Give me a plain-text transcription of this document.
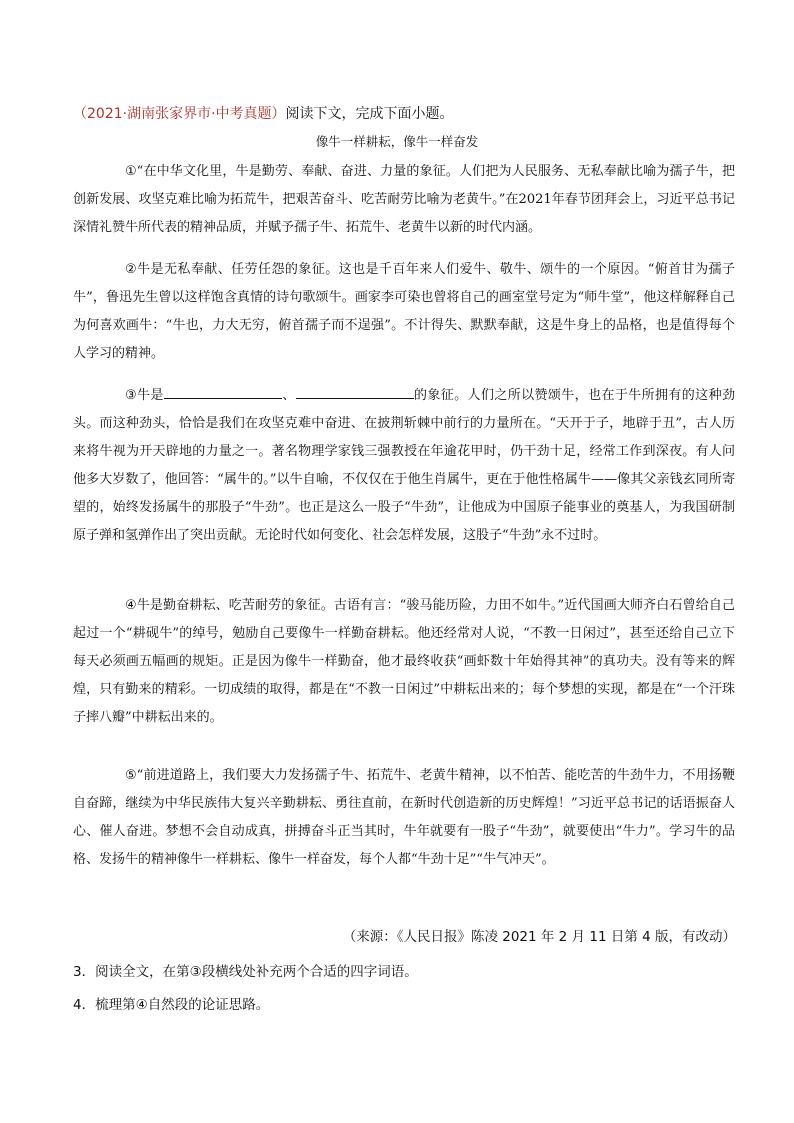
（2021·湖南张家界市·中考真题）阅读下文，完成下面小题。
像牛一样耕耘，像牛一样奋发

①“在中华文化里，牛是勤劳、奉献、奋进、力量的象征。人们把为人民服务、无私奉献比喻为孺子牛，把创新发展、攻坚克难比喻为拓荒牛，把艰苦奋斗、吃苦耐劳比喻为老黄牛。”在2021年春节团拜会上，习近平总书记深情礼赞牛所代表的精神品质，并赋予孺子牛、拓荒牛、老黄牛以新的时代内涵。

②牛是无私奉献、任劳任怨的象征。这也是千百年来人们爱牛、敬牛、颂牛的一个原因。“俯首甘为孺子牛”，鲁迅先生曾以这样饱含真情的诗句歌颂牛。画家李可染也曾将自己的画室堂号定为“师牛堂”，他这样解释自己为何喜欢画牛：“牛也，力大无穷，俯首孺子而不逞强”。不计得失、默默奉献，这是牛身上的品格，也是值得每个人学习的精神。

③牛是	、	的象征。人们之所以赞颂牛，也在于牛所拥有的这种劲头。而这种劲头，恰恰是我们在攻坚克难中奋进、在披荆斩棘中前行的力量所在。“天开于子，地辟于丑”，古人历来将牛视为开天辟地的力量之一。著名物理学家钱三强教授在年逾花甲时，仍干劲十足，经常工作到深夜。有人问他多大岁数了，他回答：“属牛的。”以牛自喻，不仅仅在于他生肖属牛，更在于他性格属牛——像其父亲钱玄同所寄望的，始终发扬属牛的那股子“牛劲”。也正是这么一股子“牛劲”，让他成为中国原子能事业的奠基人，为我国研制原子弹和氢弹作出了突出贡献。无论时代如何变化、社会怎样发展，这股子“牛劲”永不过时。

④牛是勤奋耕耘、吃苦耐劳的象征。古语有言：“骏马能历险，力田不如牛。”近代国画大师齐白石曾给自己起过一个“耕砚牛”的绰号，勉励自己要像牛一样勤奋耕耘。他还经常对人说，“不教一日闲过”，甚至还给自己立下每天必须画五幅画的规矩。正是因为像牛一样勤奋，他才最终收获“画虾数十年始得其神”的真功夫。没有等来的辉煌，只有勤来的精彩。一切成绩的取得，都是在“不教一日闲过”中耕耘出来的；每个梦想的实现，都是在“一个汗珠子摔八瓣”中耕耘出来的。

⑤“前进道路上，我们要大力发扬孺子牛、拓荒牛、老黄牛精神，以不怕苦、能吃苦的牛劲牛力，不用扬鞭自奋蹄，继续为中华民族伟大复兴辛勤耕耘、勇往直前，在新时代创造新的历史辉煌！”习近平总书记的话语振奋人心、催人奋进。梦想不会自动成真，拼搏奋斗正当其时，牛年就要有一股子“牛劲”，就要使出“牛力”。学习牛的品格、发扬牛的精神像牛一样耕耘、像牛一样奋发，每个人都“牛劲十足”“牛气冲天”。

（来源：《人民日报》陈凌 2021 年 2 月 11 日第 4 版，有改动）
3．阅读全文，在第③段横线处补充两个合适的四字词语。
4．梳理第④自然段的论证思路。
